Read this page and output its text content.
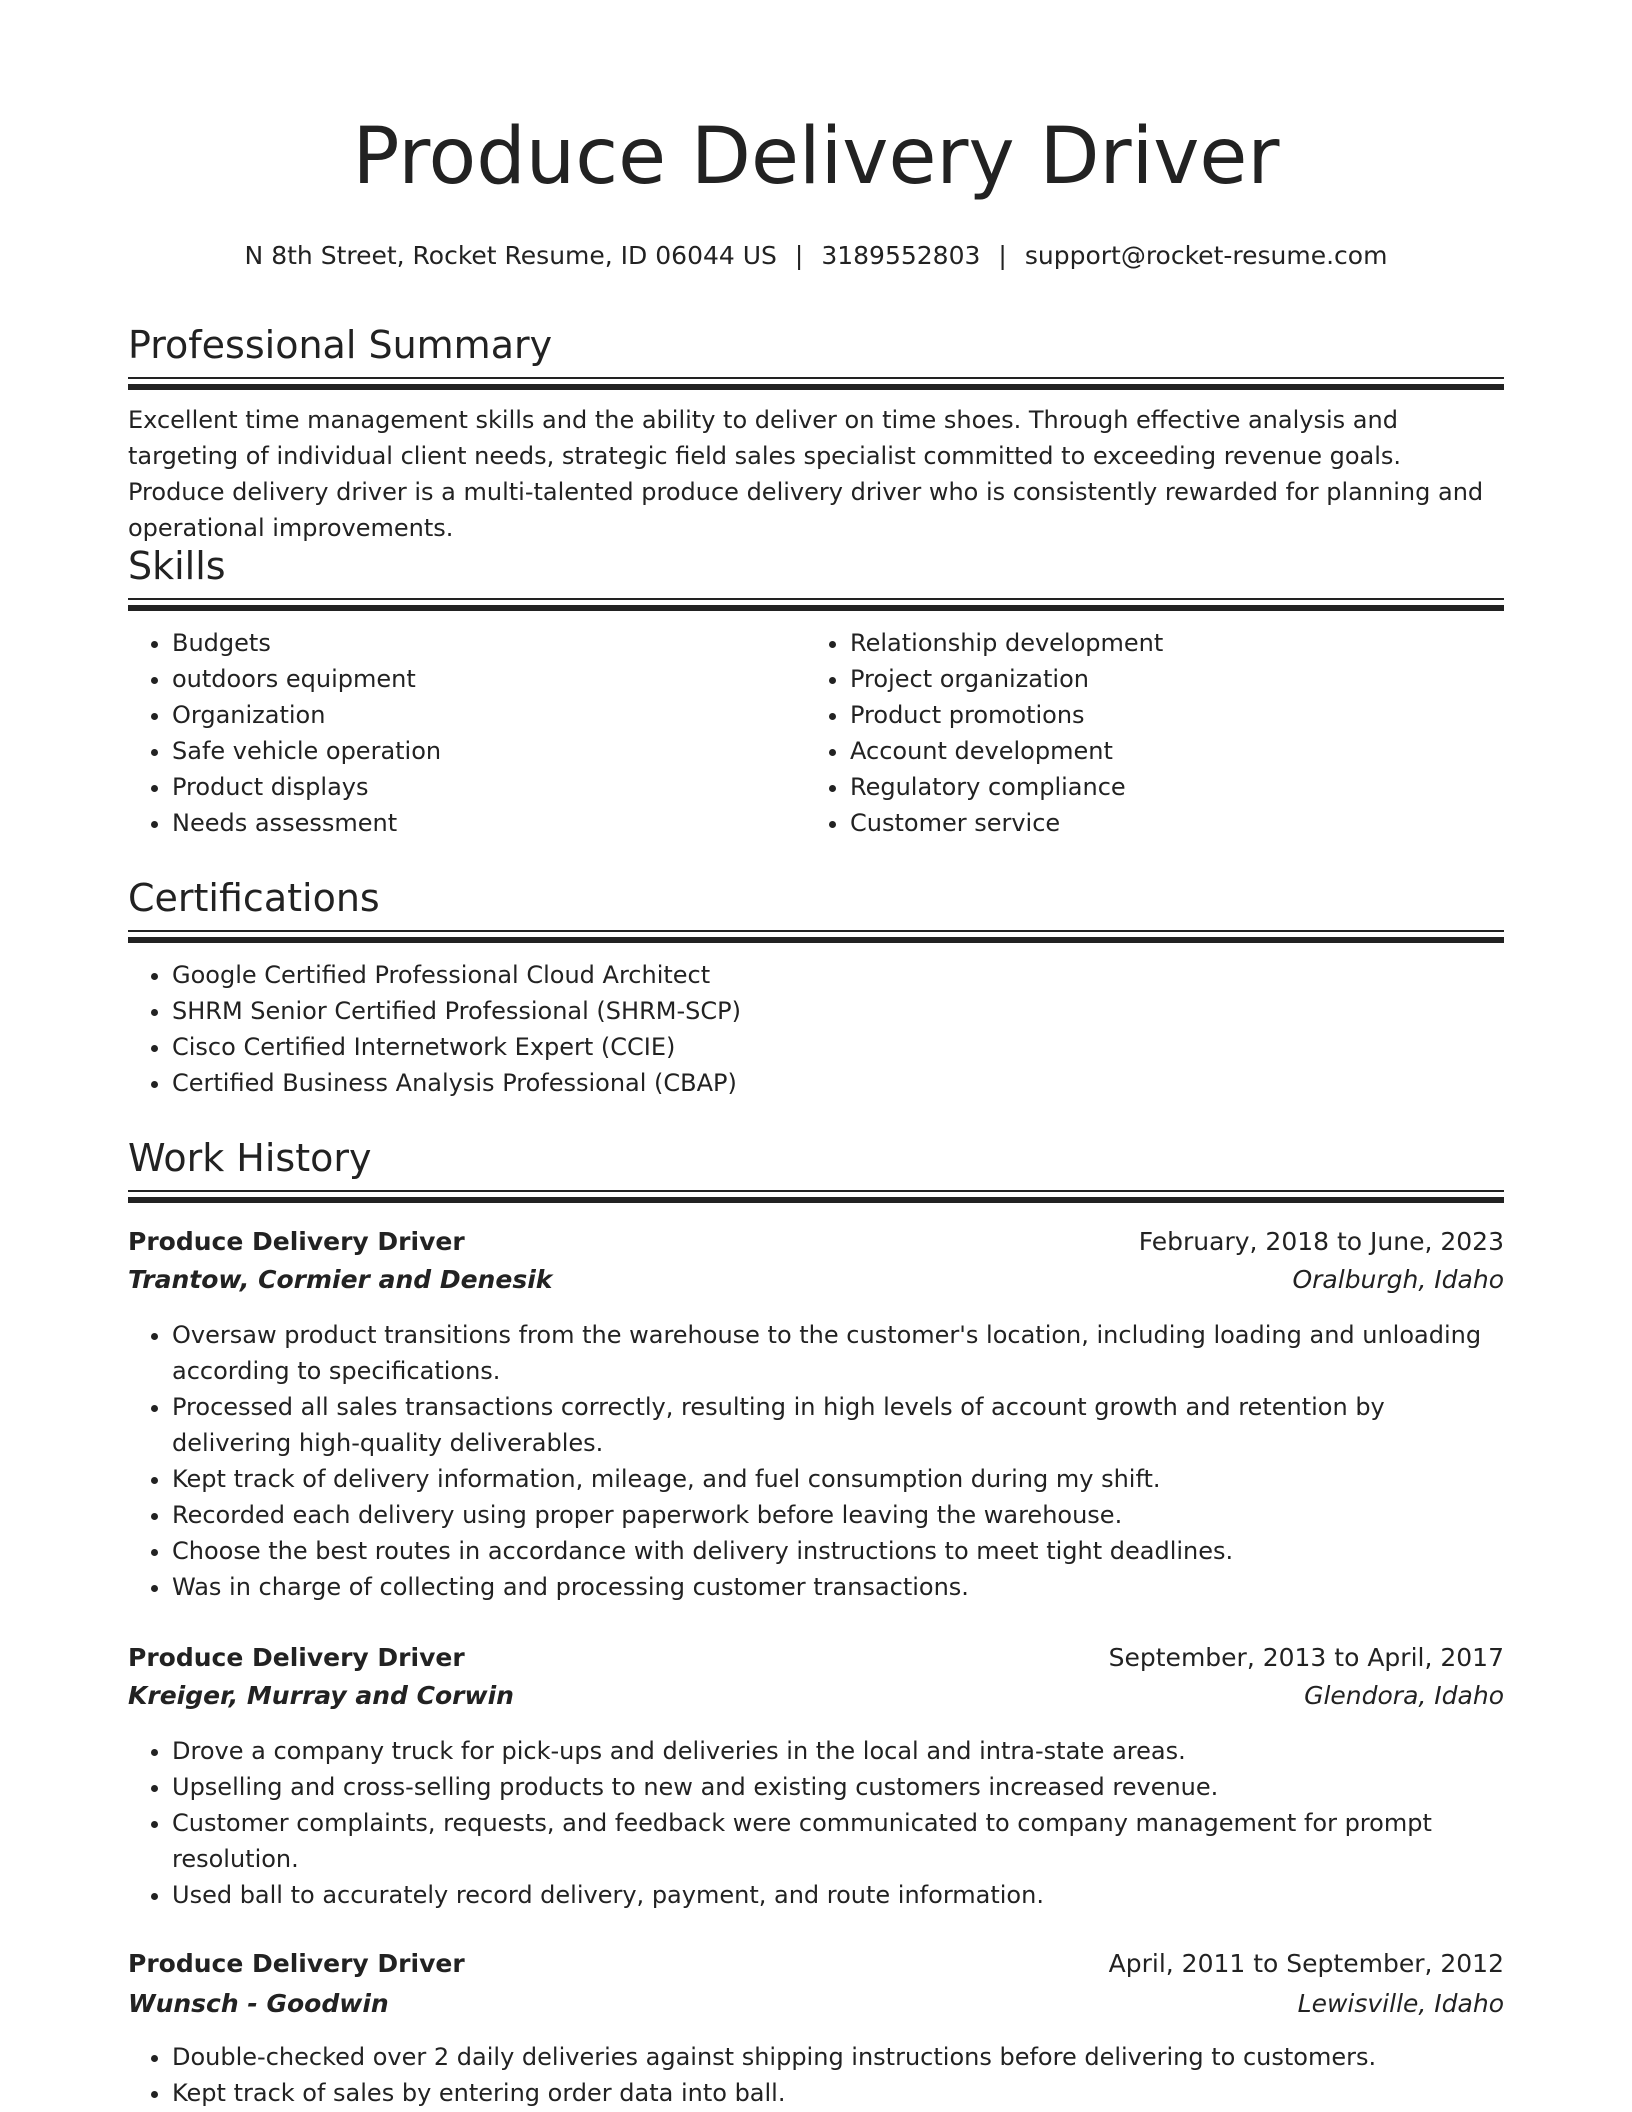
Produce Delivery Driver
N 8th Street, Rocket Resume, ID 06044 US | 3189552803 | support@rocket-resume.com
Professional Summary

Excellent time management skills and the ability to deliver on time shoes. Through effective analysis and targeting of individual client needs, strategic field sales specialist committed to exceeding revenue goals. Produce delivery driver is a multi-talented produce delivery driver who is consistently rewarded for planning and operational improvements.

Skills
• Budgets
• outdoors equipment
• Organization
• Safe vehicle operation
• Product displays
• Needs assessment
• Relationship development
• Project organization
• Product promotions
• Account development
• Regulatory compliance
• Customer service
Certifications
• Google Certified Professional Cloud Architect
• SHRM Senior Certified Professional (SHRM-SCP)
• Cisco Certified Internetwork Expert (CCIE)
• Certified Business Analysis Professional (CBAP)
Work History
Produce Delivery Driver	February, 2018 to June, 2023
Trantow, Cormier and Denesik	Oralburgh, Idaho
• Oversaw product transitions from the warehouse to the customer's location, including loading and unloading according to specifications.
• Processed all sales transactions correctly, resulting in high levels of account growth and retention by delivering high-quality deliverables.
• Kept track of delivery information, mileage, and fuel consumption during my shift.
• Recorded each delivery using proper paperwork before leaving the warehouse.
• Choose the best routes in accordance with delivery instructions to meet tight deadlines.
• Was in charge of collecting and processing customer transactions.
Produce Delivery Driver	September, 2013 to April, 2017
Kreiger, Murray and Corwin	Glendora, Idaho
• Drove a company truck for pick-ups and deliveries in the local and intra-state areas.
• Upselling and cross-selling products to new and existing customers increased revenue.
• Customer complaints, requests, and feedback were communicated to company management for prompt resolution.
• Used ball to accurately record delivery, payment, and route information.
Produce Delivery Driver	April, 2011 to September, 2012
Wunsch - Goodwin	Lewisville, Idaho
• Double-checked over 2 daily deliveries against shipping instructions before delivering to customers.
• Kept track of sales by entering order data into ball.
